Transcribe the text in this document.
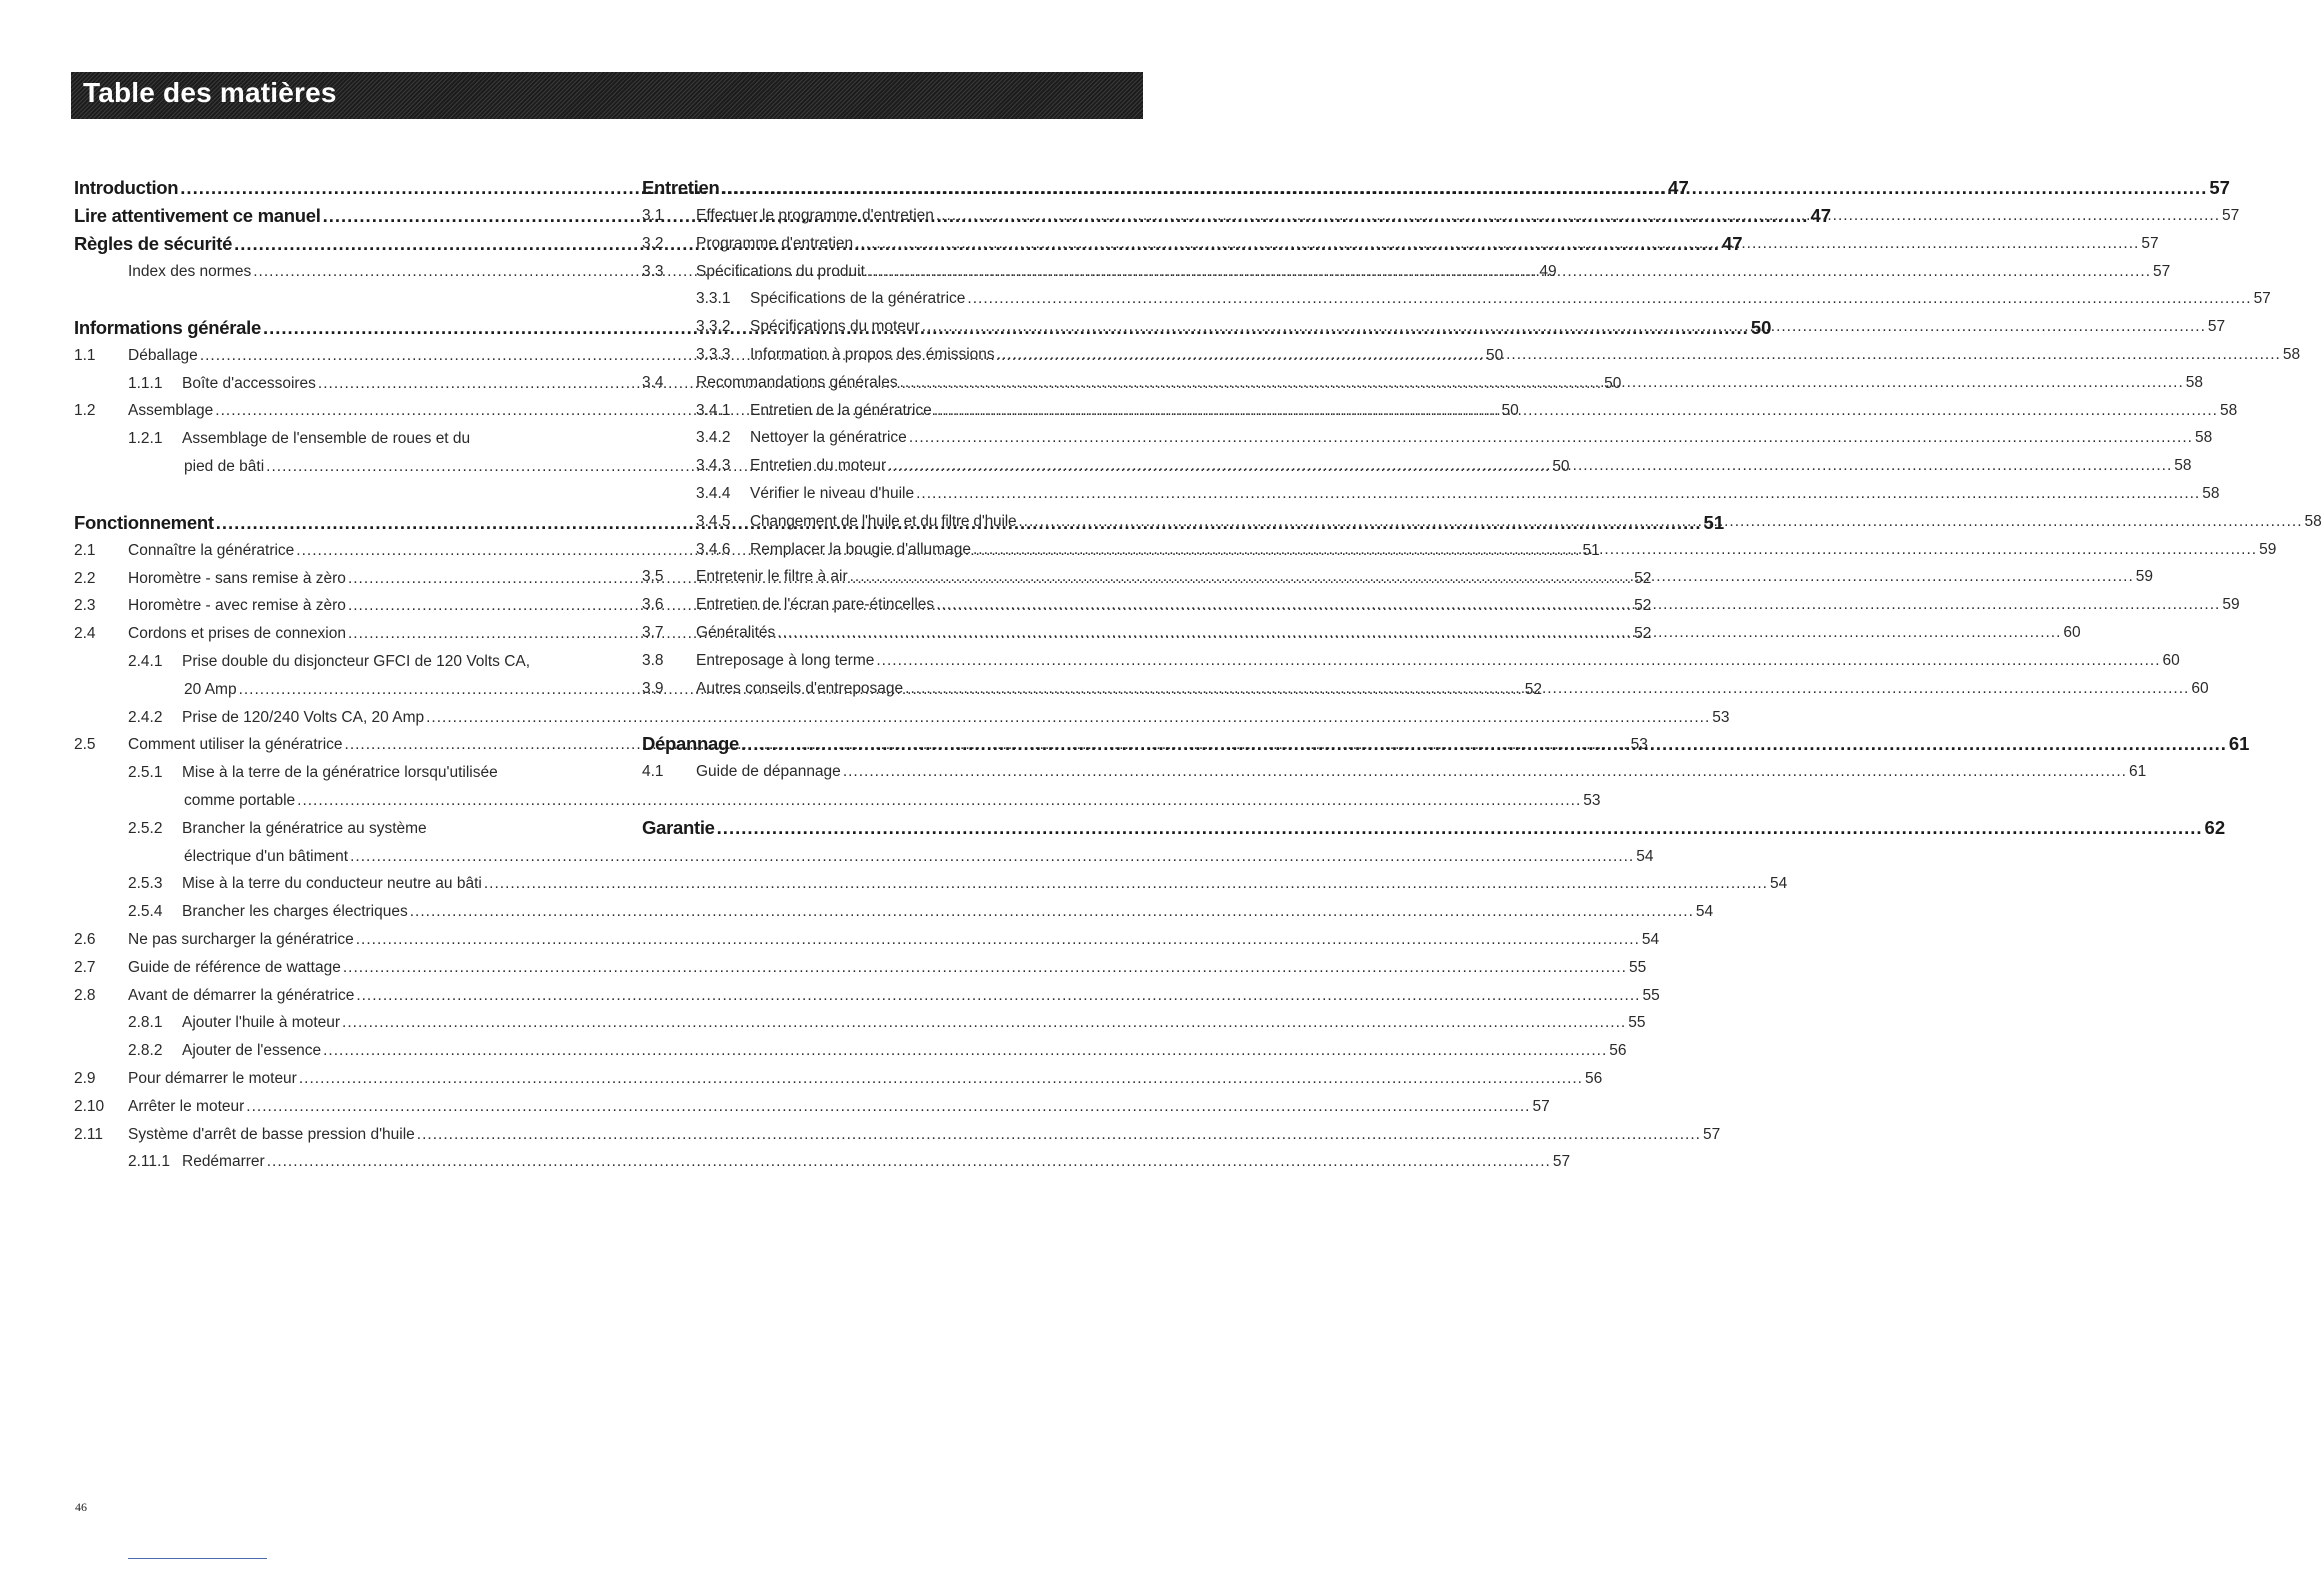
Table des matières
Introduction .....	47
Lire attentivement ce manuel .....	47
Règles de sécurité .....	47
Index des normes .....	49
Informations générale .....	50
1.1	Déballage .....	50
1.1.1	Boîte d'accessoires .....	50
1.2	Assemblage .....	50
1.2.1	Assemblage de l'ensemble de roues et du
pied de bâti .....	50
Fonctionnement .....	51
2.1	Connaître la génératrice .....	51
2.2	Horomètre - sans remise à zèro .....	52
2.3	Horomètre - avec remise à zèro .....	52
2.4	Cordons et prises de connexion .....	52
2.4.1	Prise double du disjoncteur GFCI de 120 Volts CA,
20 Amp .....	52
2.4.2	Prise de 120/240 Volts CA, 20 Amp .....	53
2.5	Comment utiliser la génératrice .....	53
2.5.1	Mise à la terre de la génératrice lorsqu'utilisée
comme portable .....	53
2.5.2	Brancher la génératrice au système
électrique d'un bâtiment .....	54
2.5.3	Mise à la terre du conducteur neutre au bâti .....	54
2.5.4	Brancher les charges électriques .....	54
2.6	Ne pas surcharger la génératrice .....	54
2.7	Guide de référence de wattage .....	55
2.8	Avant de démarrer la génératrice .....	55
2.8.1	Ajouter l'huile à moteur .....	55
2.8.2	Ajouter de l'essence .....	56
2.9	Pour démarrer le moteur .....	56
2.10	Arrêter le moteur .....	57
2.11	Système d'arrêt de basse pression d'huile .....	57
2.11.1 Redémarrer .....	57
Entretien .....	57
3.1	Effectuer le programme d'entretien .....	57
3.2	Programme d'entretien .....	57
3.3	Spécifications du produit .....	57
3.3.1	Spécifications de la génératrice .....	57
3.3.2	Spécifications du moteur .....	57
3.3.3	Information à propos des émissions .....	58
3.4	Recommandations générales .....	58
3.4.1	Entretien de la génératrice .....	58
3.4.2	Nettoyer la génératrice .....	58
3.4.3	Entretien du moteur .....	58
3.4.4	Vérifier le niveau d'huile .....	58
3.4.5	Changement de l'huile et du filtre d'huile .....	58
3.4.6	Remplacer la bougie d'allumage .....	59
3.5	Entretenir le filtre à air .....	59
3.6	Entretien de l'écran pare-étincelles .....	59
3.7	Généralités .....	60
3.8	Entreposage à long terme .....	60
3.9	Autres conseils d'entreposage .....	60
Dépannage .....	61
4.1	Guide de dépannage .....	61
Garantie .....	62
46
